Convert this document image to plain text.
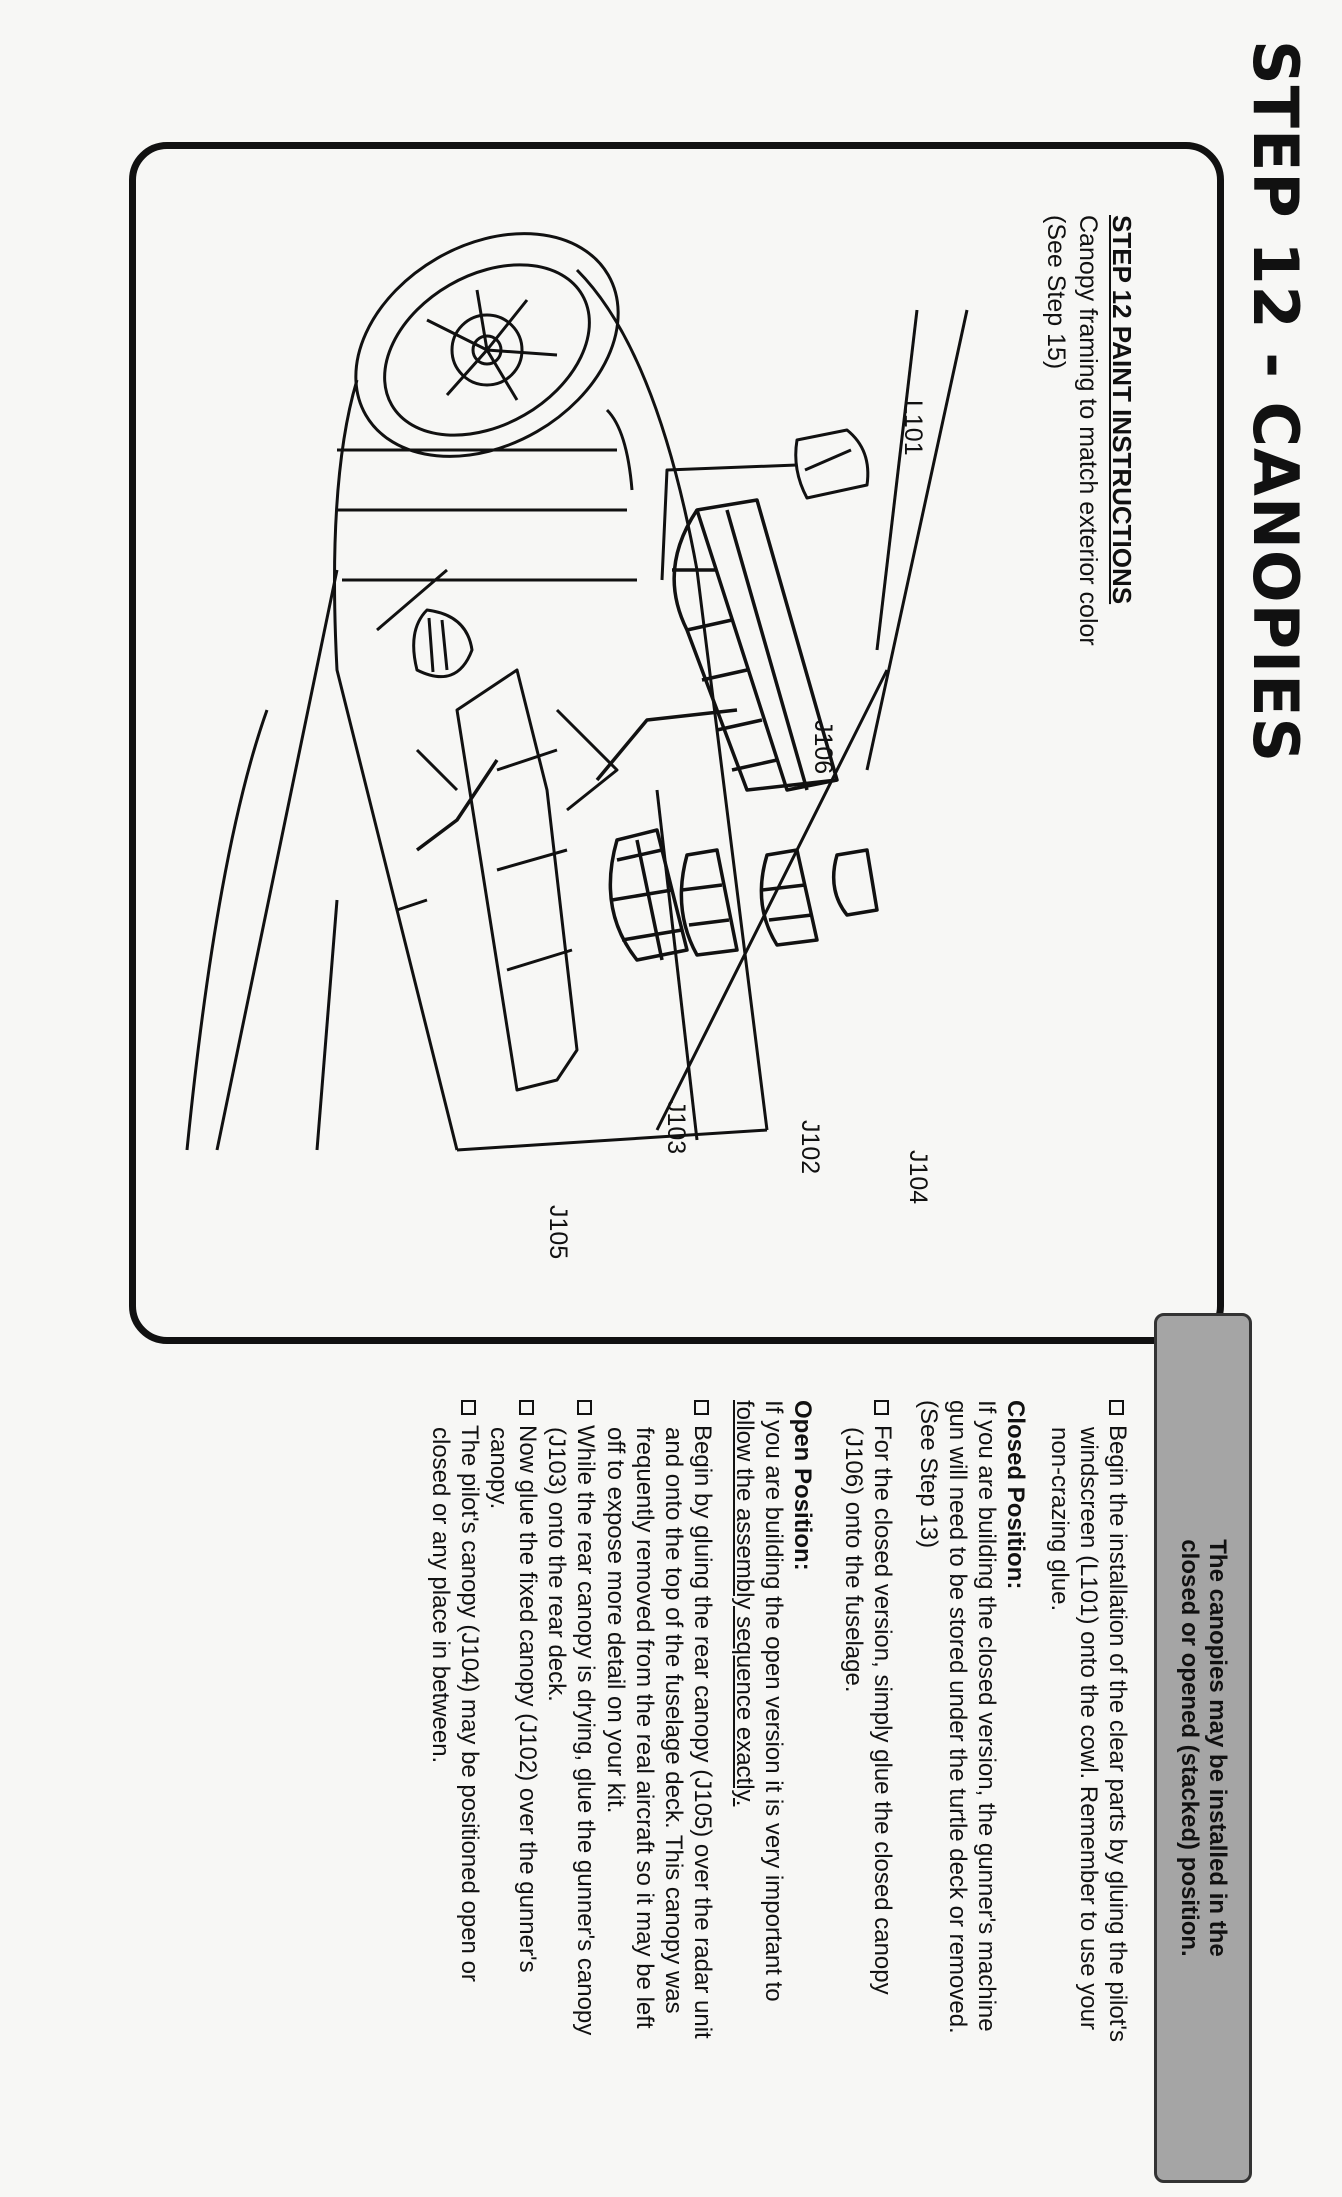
STEP 12 - CANOPIES
STEP 12 PAINT INSTRUCTIONS
Canopy framing to match exterior color
(See Step 15)
L101
J106
J104
J102
J103
J105
The canopies may be installed in the
closed or opened (stacked) position.
Begin the installation of the clear parts by gluing the pilot's
windscreen (L101) onto the cowl. Remember to use your
non-crazing glue.
Closed Position:
If you are building the closed version, the gunner's machine
gun will need to be stored under the turtle deck or removed.
(See Step 13)
For the closed version, simply glue the closed canopy
(J106) onto the fuselage.
Open Position:
If you are building the open version it is very important to
follow the assembly sequence exactly.
Begin by gluing the rear canopy (J105) over the radar unit
and onto the top of the fuselage deck. This canopy was
frequently removed from the real aircraft so it may be left
off to expose more detail on your kit.
While the rear canopy is drying, glue the gunner's canopy
(J103) onto the rear deck.
Now glue the fixed canopy (J102) over the gunner's
canopy.
The pilot's canopy (J104) may be positioned open or
closed or any place in between.
